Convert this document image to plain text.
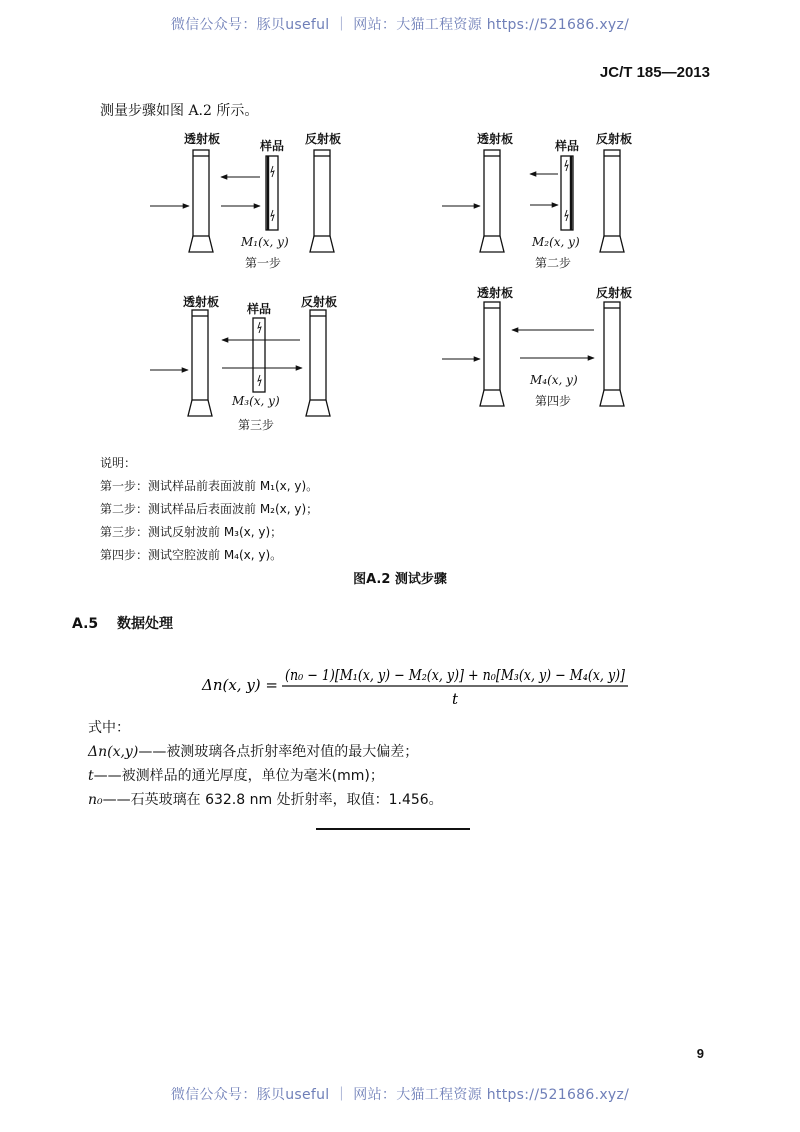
微信公众号：豚贝useful ｜ 网站：大猫工程资源 https://521686.xyz/
JC/T 185—2013
测量步骤如图 A.2 所示。
透射板	样品 反射板
M₁(x, y)
第一步
透射板	样品 反射板
M₂(x, y)
第二步
透射板 样品 反射板
M₃(x, y)
第三步
透射板	反射板
M₄(x, y)
第四步
说明：
第一步：测试样品前表面波前 M₁(x, y)。
第二步：测试样品后表面波前 M₂(x, y)；
第三步：测试反射波前 M₃(x, y)；
第四步：测试空腔波前 M₄(x, y)。
图A.2 测试步骤
A.5 数据处理
Δn(x, y) =
(n₀ − 1)[M₁(x, y) − M₂(x, y)] + n₀[M₃(x, y) − M₄(x, y)]
t
式中：
Δn(x,y)——被测玻璃各点折射率绝对值的最大偏差；
t——被测样品的通光厚度，单位为毫米(mm)；
n₀——石英玻璃在 632.8 nm 处折射率，取值：1.456。
9
微信公众号：豚贝useful ｜ 网站：大猫工程资源 https://521686.xyz/
